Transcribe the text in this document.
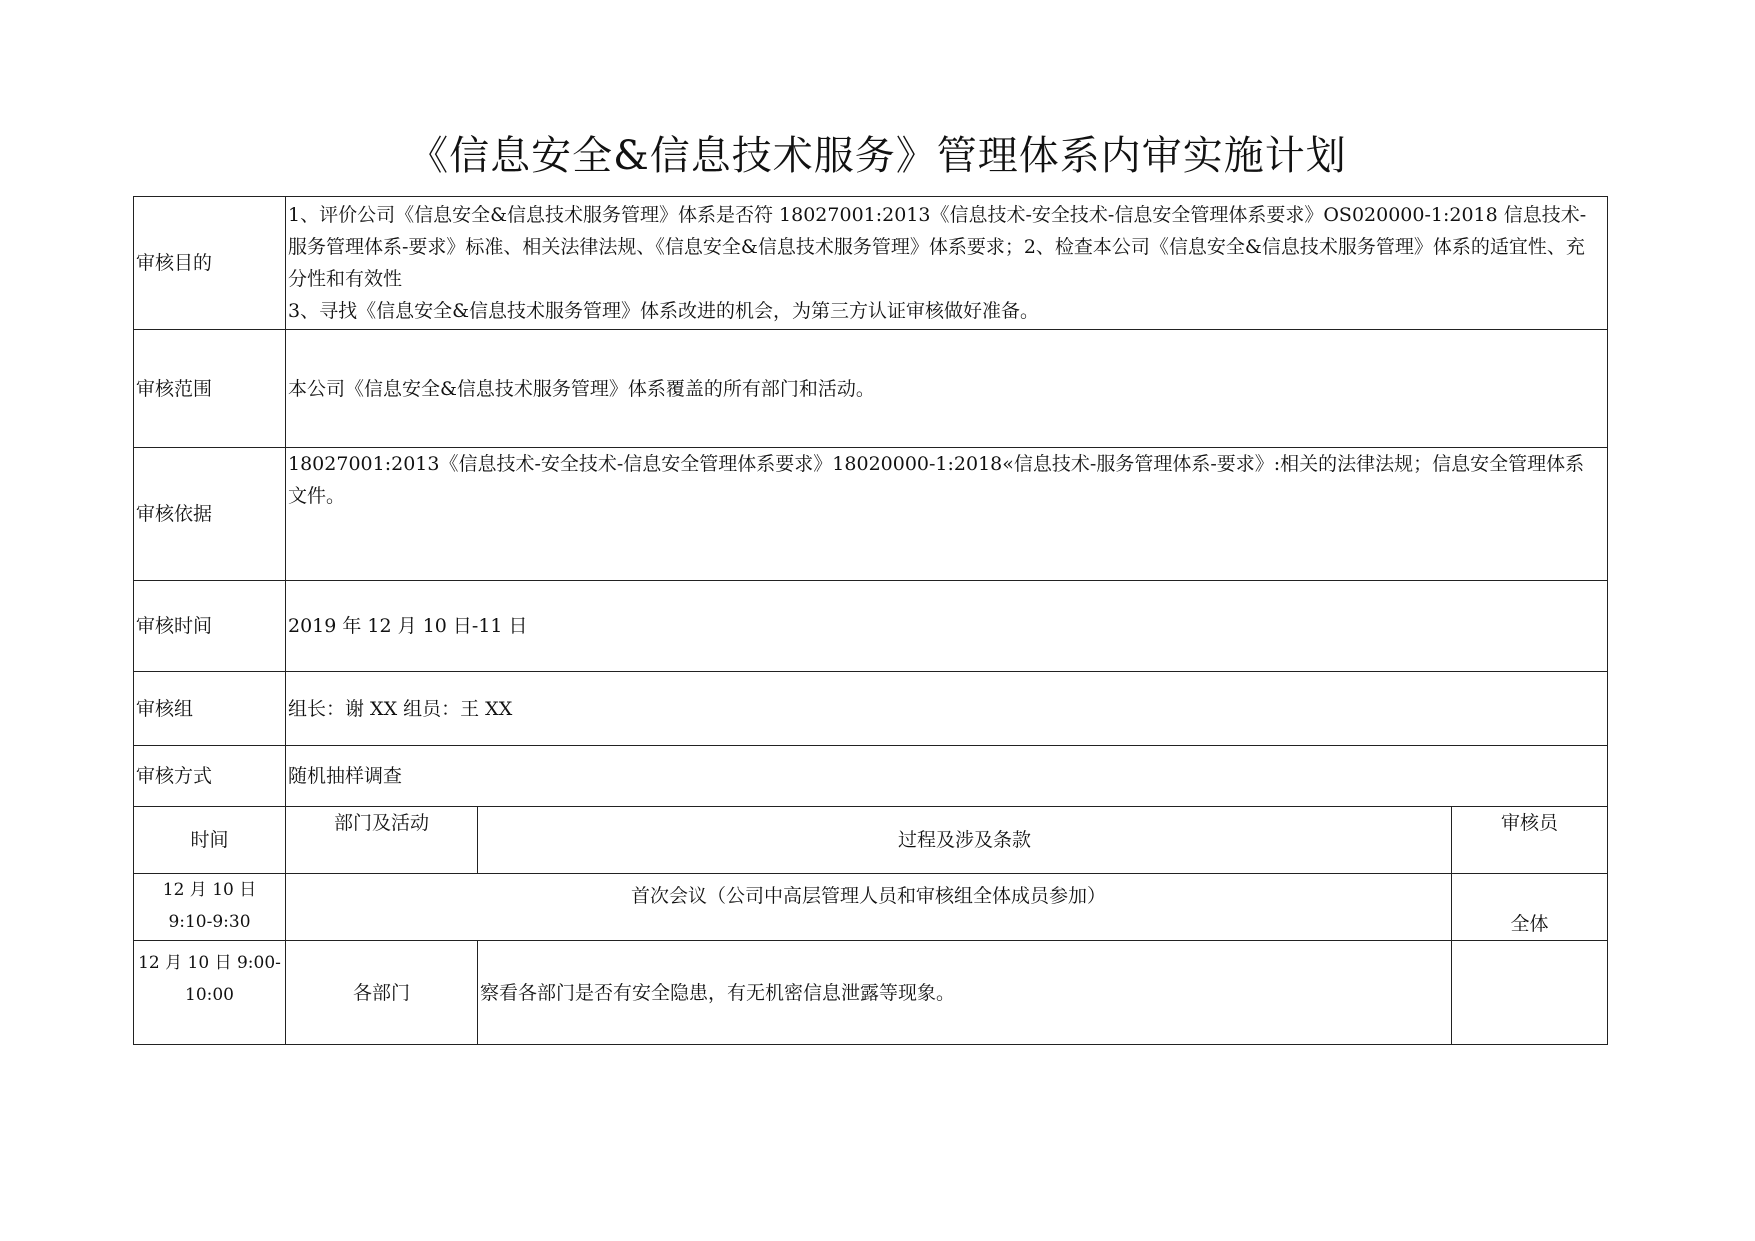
《信息安全&信息技术服务》管理体系内审实施计划
审核目的	1、评价公司《信息安全&信息技术服务管理》体系是否符 18027001:2013《信息技术-安全技术-信息安全管理体系要求》OS020000-1:2018 信息技术-服务管理体系-要求》标准、相关法律法规、《信息安全&信息技术服务管理》体系要求；2、检查本公司《信息安全&信息技术服务管理》体系的适宜性、充分性和有效性
3、寻找《信息安全&信息技术服务管理》体系改进的机会，为第三方认证审核做好准备。		

审核范围	本公司《信息安全&信息技术服务管理》体系覆盖的所有部门和活动。		
审核依据	18027001:2013《信息技术-安全技术-信息安全管理体系要求》18020000-1:2018«信息技术-服务管理体系-要求》:相关的法律法规；信息安全管理体系文件。		
审核时间	2019 年 12 月 10 日-11 日		
审核组	组长：谢 XX 组员：王 XX		
审核方式	随机抽样调查		
时间	部门及活动	过程及涉及条款	审核员

12 月 10 日
9:10-9:30	首次会议（公司中高层管理人员和审核组全体成员参加）		全体

12 月 10 日 9:00-
10:00	各部门	察看各部门是否有安全隐患，有无机密信息泄露等现象。	
